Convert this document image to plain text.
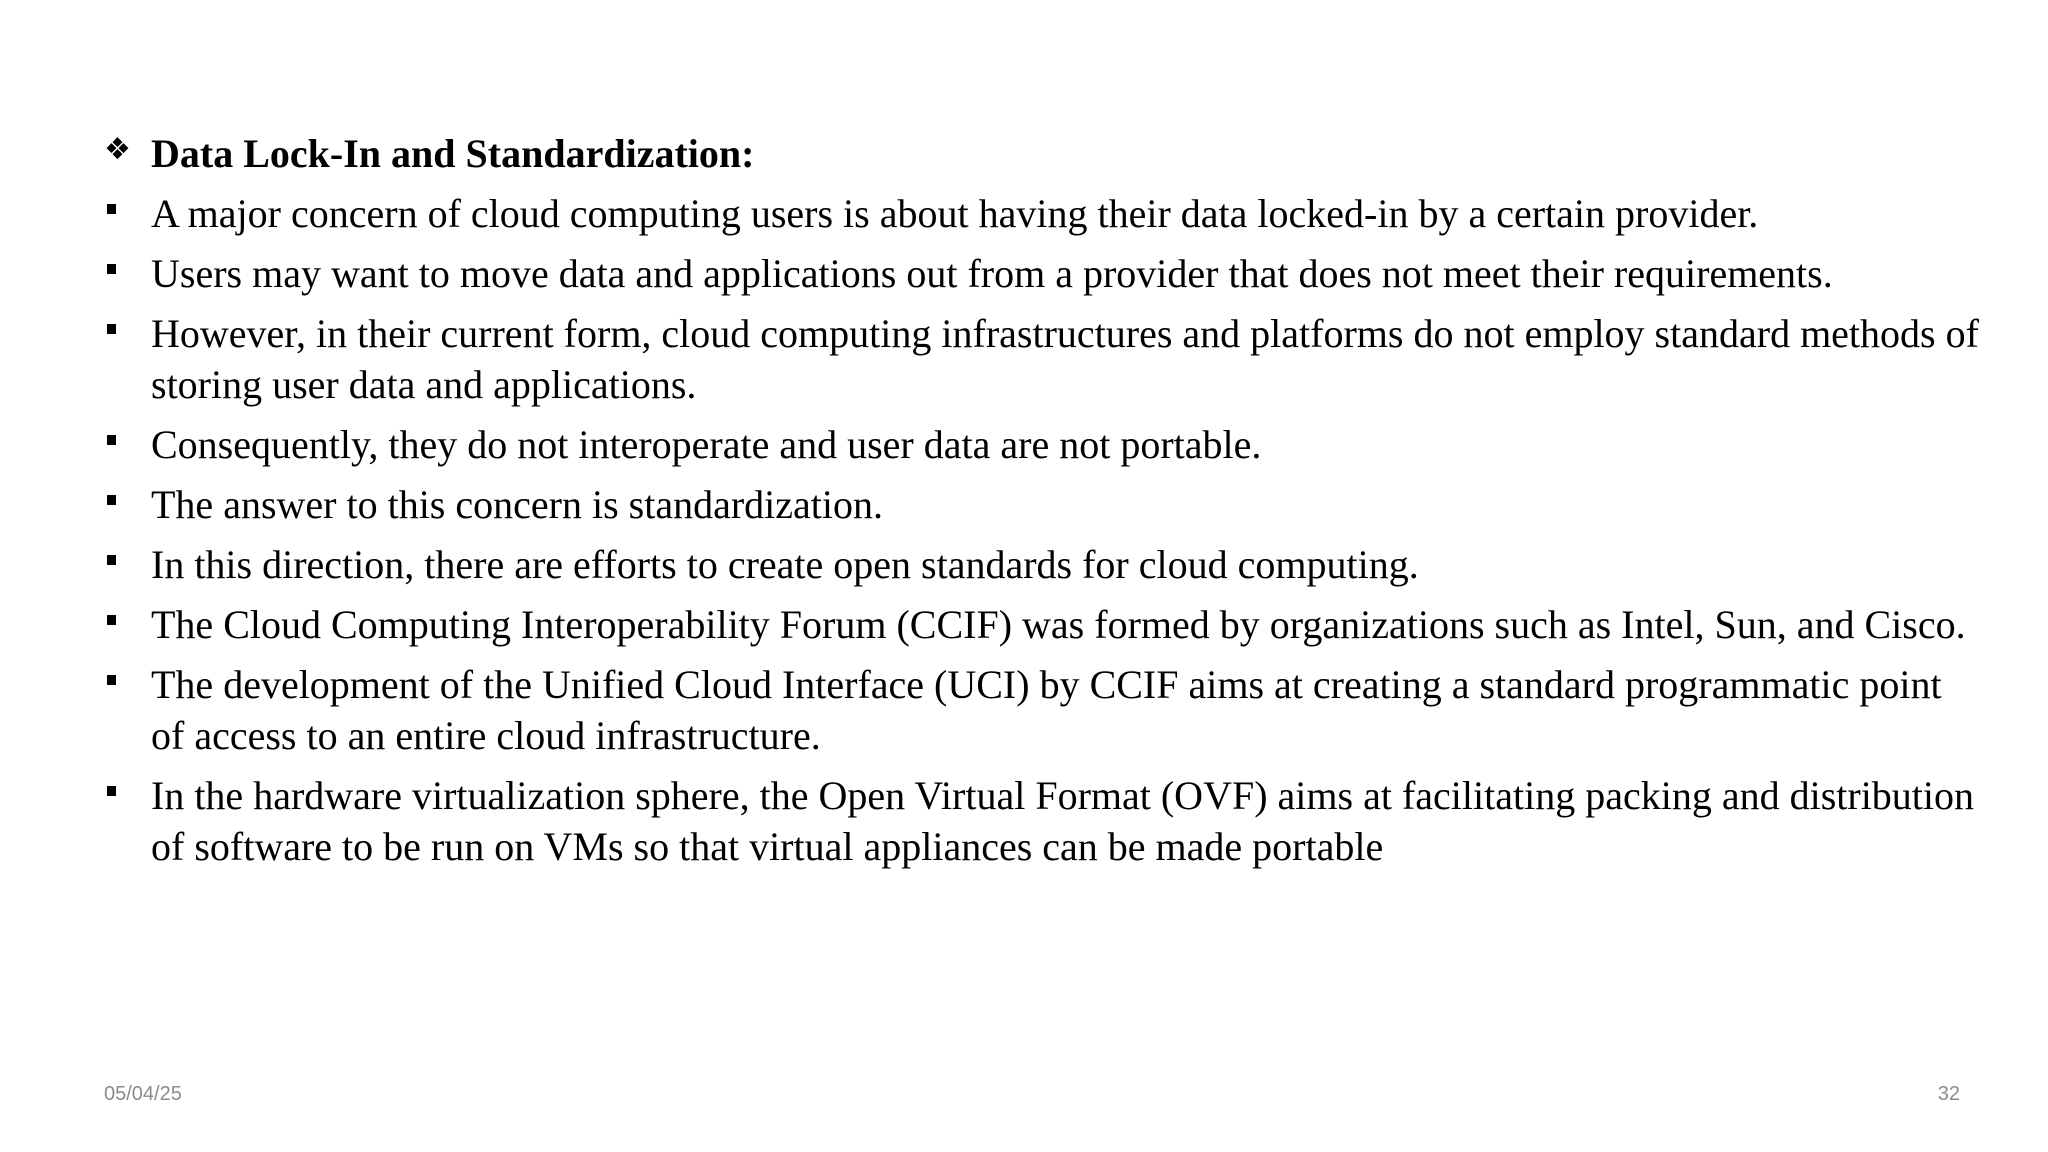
❖ Data Lock-In and Standardization:
A major concern of cloud computing users is about having their data locked-in by a certain provider.
Users may want to move data and applications out from a provider that does not meet their requirements.
However, in their current form, cloud computing infrastructures and platforms do not employ standard methods of storing user data and applications.
Consequently, they do not interoperate and user data are not portable.
The answer to this concern is standardization.
In this direction, there are efforts to create open standards for cloud computing.
The Cloud Computing Interoperability Forum (CCIF) was formed by organizations such as Intel, Sun, and Cisco.
The development of the Unified Cloud Interface (UCI) by CCIF aims at creating a standard programmatic point of access to an entire cloud infrastructure.
In the hardware virtualization sphere, the Open Virtual Format (OVF) aims at facilitating packing and distribution of software to be run on VMs so that virtual appliances can be made portable
05/04/25	32
